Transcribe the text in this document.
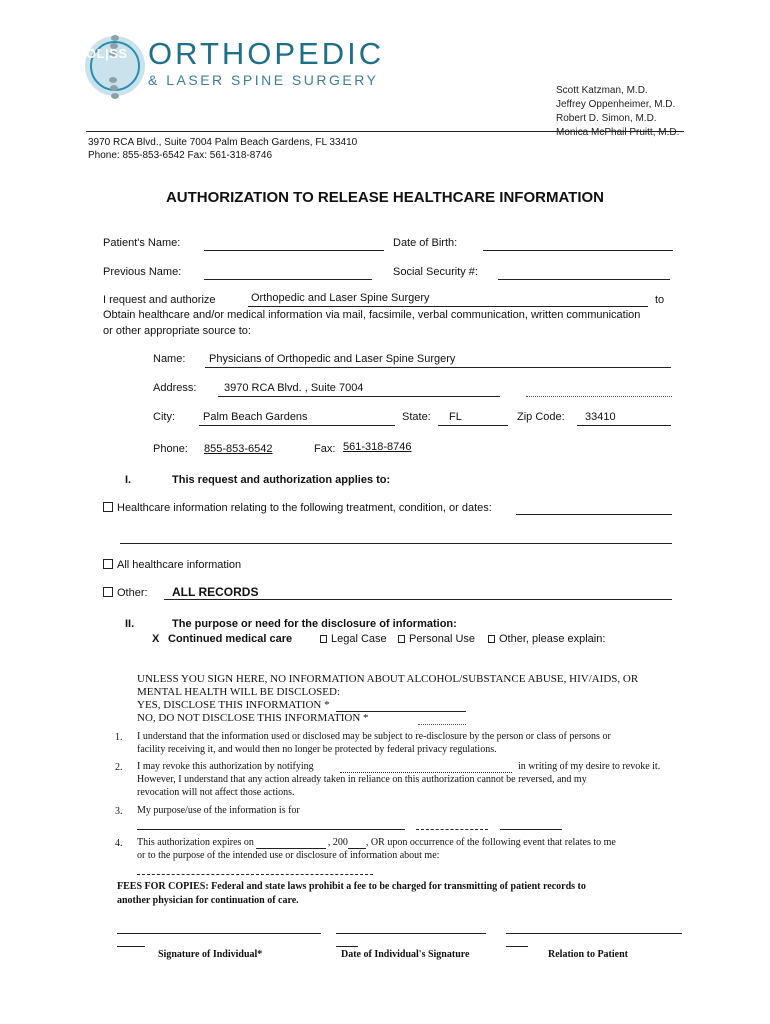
OL|SS ORTHOPEDIC
& LASER SPINE SURGERY
Scott Katzman, M.D.
Jeffrey Oppenheimer, M.D.
Robert D. Simon, M.D.
Monica McPhail Pruitt, M.D.
3970 RCA Blvd., Suite 7004 Palm Beach Gardens, FL 33410
Phone: 855-853-6542 Fax: 561-318-8746
AUTHORIZATION TO RELEASE HEALTHCARE INFORMATION
Patient's Name:	Date of Birth:
Previous Name:	Social Security #:
I request and authorize	Orthopedic and Laser Spine Surgery	to
Obtain healthcare and/or medical information via mail, facsimile, verbal communication, written communication
or other appropriate source to:
Name: Physicians of Orthopedic and Laser Spine Surgery
Address:	3970 RCA Blvd. , Suite 7004
City:	Palm Beach Gardens	State: FL	Zip Code: 33410
Phone: 855-853-6542	Fax: 561-318-8746
I.	This request and authorization applies to:
Healthcare information relating to the following treatment, condition, or dates:
All healthcare information
Other: ALL RECORDS
II.	The purpose or need for the disclosure of information:
X Continued medical care	Legal Case	Personal Use	Other, please explain:
UNLESS YOU SIGN HERE, NO INFORMATION ABOUT ALCOHOL/SUBSTANCE ABUSE, HIV/AIDS, OR
MENTAL HEALTH WILL BE DISCLOSED:
YES, DISCLOSE THIS INFORMATION *
NO, DO NOT DISCLOSE THIS INFORMATION *
1. I understand that the information used or disclosed may be subject to re-disclosure by the person or class of persons or
facility receiving it, and would then no longer be protected by federal privacy regulations.
2. I may revoke this authorization by notifying	in writing of my desire to revoke it.
However, I understand that any action already taken in reliance on this authorization cannot be reversed, and my
revocation will not affect those actions.
3. My purpose/use of the information is for
4. This authorization expires on	, 200 , OR upon occurrence of the following event that relates to me
or to the purpose of the intended use or disclosure of information about me:
FEES FOR COPIES: Federal and state laws prohibit a fee to be charged for transmitting of patient records to
another physician for continuation of care.
Signature of Individual*	Date of Individual's Signature	Relation to Patient
